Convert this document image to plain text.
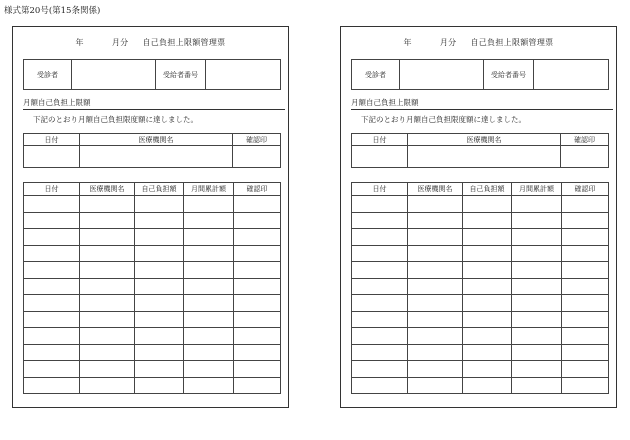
様式第20号(第15条関係)
年	月分 自己負担上限額管理票
受診者		受給者番号	
月額自己負担上限額
下記のとおり月額自己負担限度額に達しました。
日付	医療機関名	確認印

日付	医療機関名	自己負担額	月間累計額	確認印

年	月分 自己負担上限額管理票
受診者		受給者番号	
月額自己負担上限額
下記のとおり月額自己負担限度額に達しました。
日付	医療機関名	確認印

日付	医療機関名	自己負担額	月間累計額	確認印
